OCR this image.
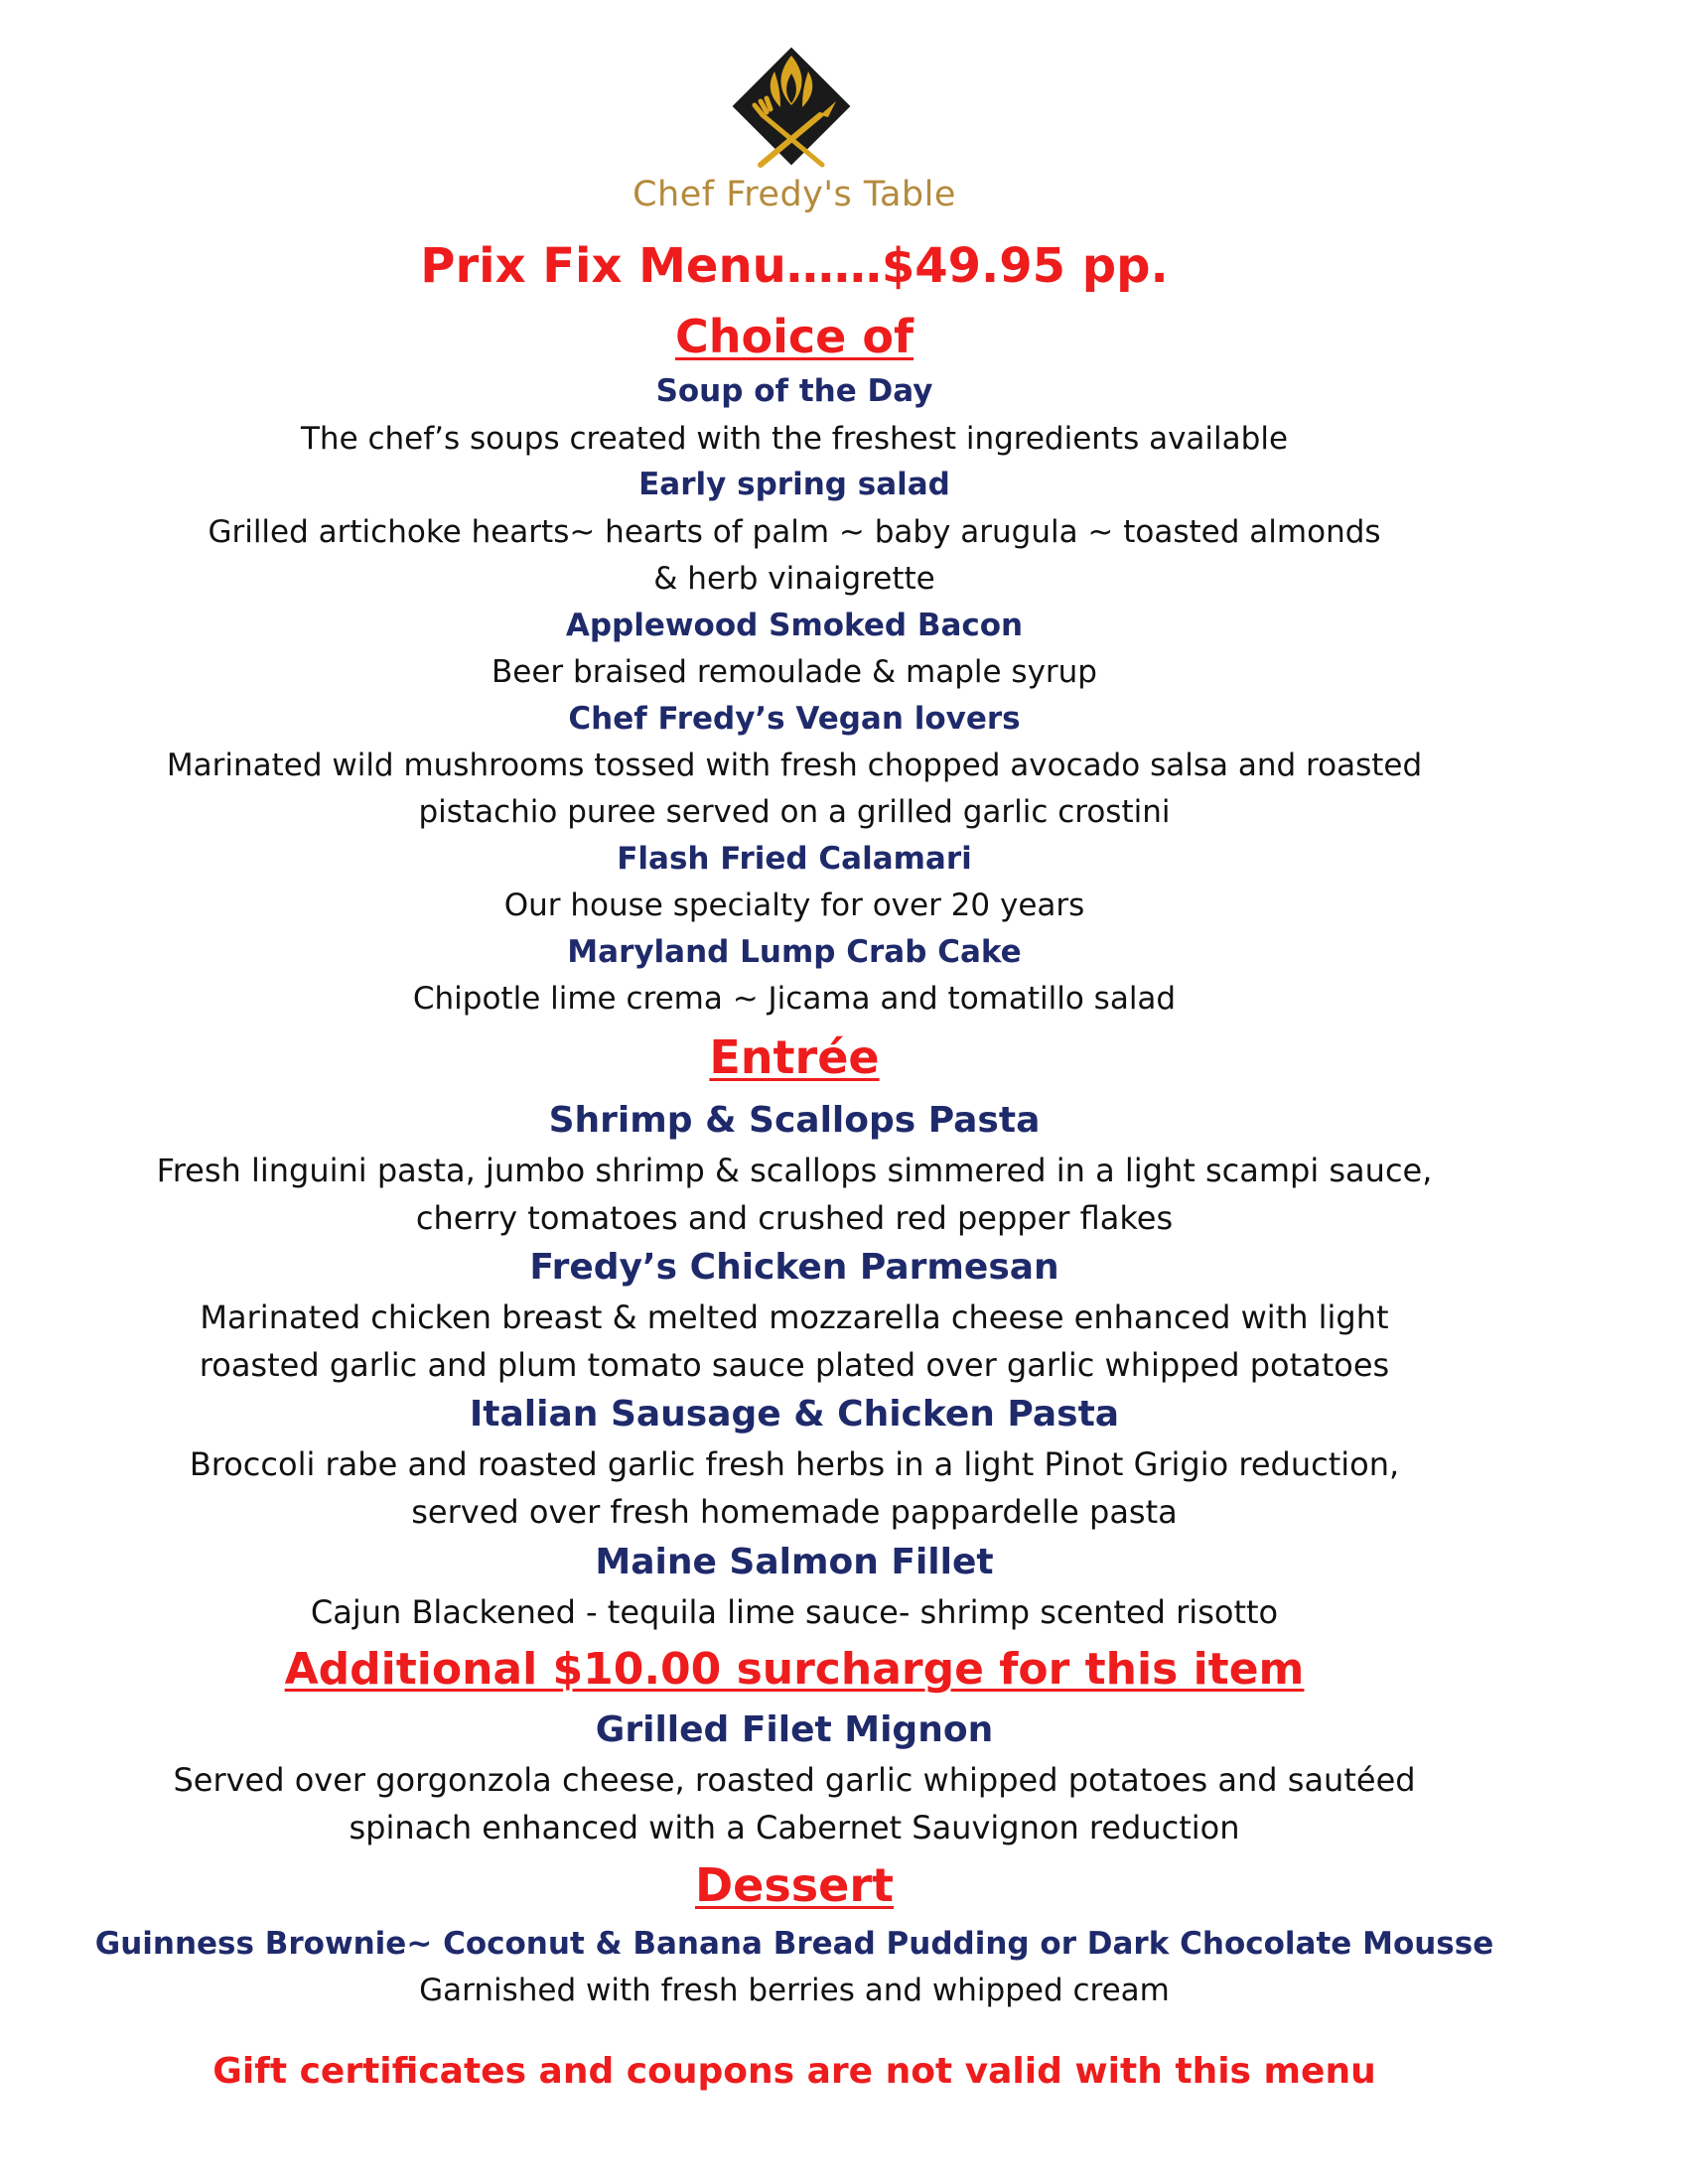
Chef Fredy's Table
Prix Fix Menu……$49.95 pp.
Choice of
Soup of the Day
The chef’s soups created with the freshest ingredients available
Early spring salad
Grilled artichoke hearts~ hearts of palm ~ baby arugula ~ toasted almonds
& herb vinaigrette
Applewood Smoked Bacon
Beer braised remoulade & maple syrup
Chef Fredy’s Vegan lovers
Marinated wild mushrooms tossed with fresh chopped avocado salsa and roasted
pistachio puree served on a grilled garlic crostini
Flash Fried Calamari
Our house specialty for over 20 years
Maryland Lump Crab Cake
Chipotle lime crema ~ Jicama and tomatillo salad
Entrée
Shrimp & Scallops Pasta
Fresh linguini pasta, jumbo shrimp & scallops simmered in a light scampi sauce,
cherry tomatoes and crushed red pepper flakes
Fredy’s Chicken Parmesan
Marinated chicken breast & melted mozzarella cheese enhanced with light
roasted garlic and plum tomato sauce plated over garlic whipped potatoes
Italian Sausage & Chicken Pasta
Broccoli rabe and roasted garlic fresh herbs in a light Pinot Grigio reduction,
served over fresh homemade pappardelle pasta
Maine Salmon Fillet
Cajun Blackened - tequila lime sauce- shrimp scented risotto
Additional $10.00 surcharge for this item
Grilled Filet Mignon
Served over gorgonzola cheese, roasted garlic whipped potatoes and sautéed
spinach enhanced with a Cabernet Sauvignon reduction
Dessert
Guinness Brownie~ Coconut & Banana Bread Pudding or Dark Chocolate Mousse
Garnished with fresh berries and whipped cream
Gift certificates and coupons are not valid with this menu
